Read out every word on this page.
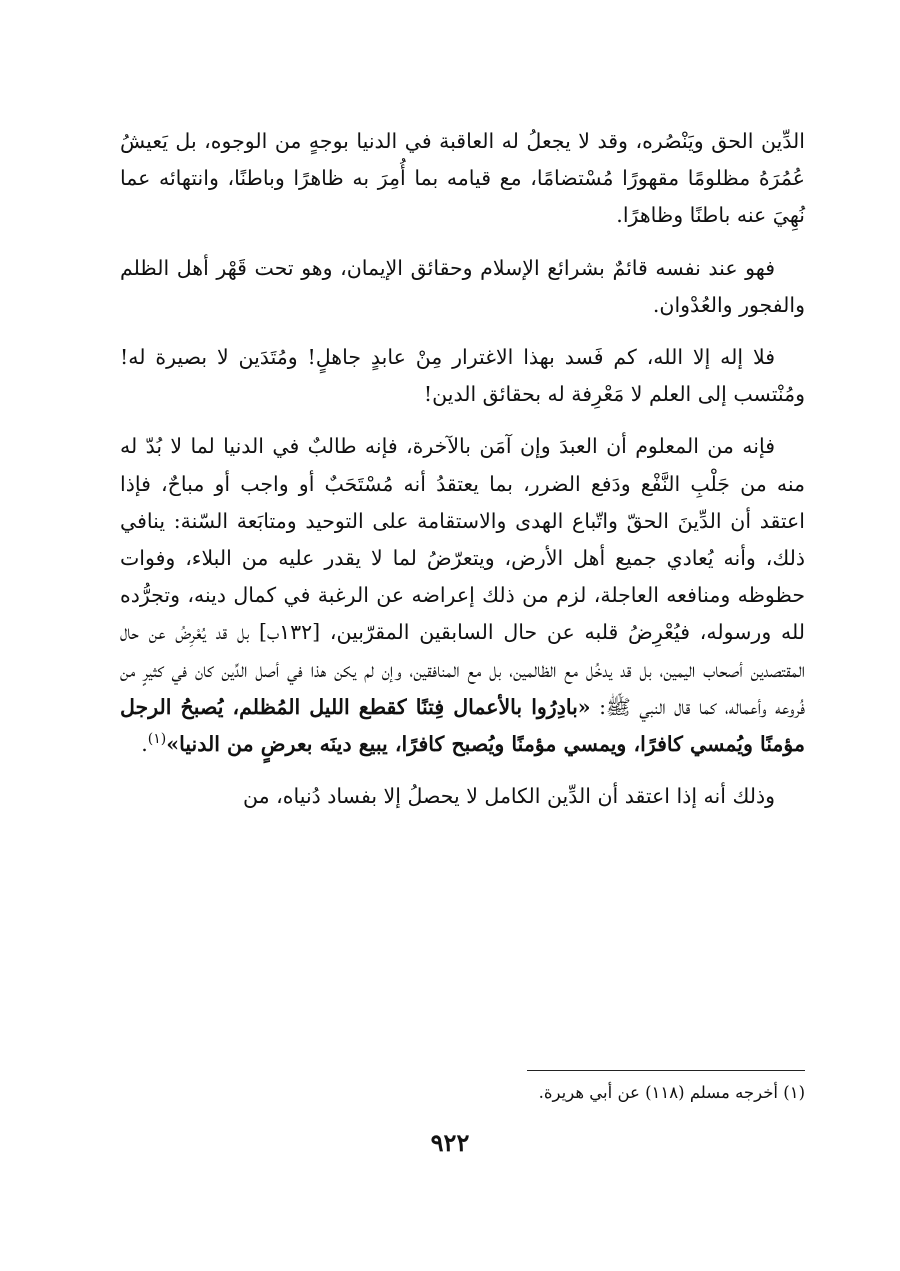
الدِّين الحق ويَنْصُره، وقد لا يجعلُ له العاقبة في الدنيا بوجهٍ من الوجوه، بل يَعيشُ عُمُرَهُ مظلومًا مقهورًا مُسْتضامًا، مع قيامه بما أُمِرَ به ظاهرًا وباطنًا، وانتهائه عما نُهِيَ عنه باطنًا وظاهرًا.

فهو عند نفسه قائمٌ بشرائع الإسلام وحقائق الإيمان، وهو تحت قَهْر أهل الظلم والفجور والعُدْوان.

فلا إله إلا الله، كم فَسد بهذا الاغترار مِنْ عابدٍ جاهلٍ! ومُتَدَين لا بصيرة له! ومُنْتسب إلى العلم لا مَعْرِفة له بحقائق الدين!

فإنه من المعلوم أن العبدَ وإن آمَن بالآخرة، فإنه طالبٌ في الدنيا لما لا بُدّ له منه من جَلْبِ النَّفْع ودَفع الضرر، بما يعتقدُ أنه مُسْتَحَبٌ أو واجب أو مباحٌ، فإذا اعتقد أن الدِّينَ الحقّ واتّباع الهدى والاستقامة على التوحيد ومتابَعة السّنة: ينافي ذلك، وأنه يُعادي جميع أهل الأرض، ويتعرّضُ لما لا يقدر عليه من البلاء، وفوات حظوظه ومنافعه العاجلة، لزم من ذلك إعراضه عن الرغبة في كمال دينه، وتجرُّده لله ورسوله، فيُعْرِضُ قلبه عن حال السابقين المقرّبين، [١٣٢ب] بل قد يُعْرِضُ عن حال المقتصدين أصحاب اليمين، بل قد يدخُل مع الظالمين، بل مع المنافقين، وإن لم يكن هذا في أصل الدِّين كان في كثيرٍ من فُروعه وأعماله، كما قال النبي ﷺ: «بادِرُوا بالأعمال فِتنًا كقطع الليل المُظلم، يُصبحُ الرجل مؤمنًا ويُمسي كافرًا، ويمسي مؤمنًا ويُصبح كافرًا، يبيع دينَه بعرضٍ من الدنيا»$^{(١)}$.

وذلك أنه إذا اعتقد أن الدِّين الكامل لا يحصلُ إلا بفساد دُنياه، من

(١) أخرجه مسلم (١١٨) عن أبي هريرة.
٩٢٢
